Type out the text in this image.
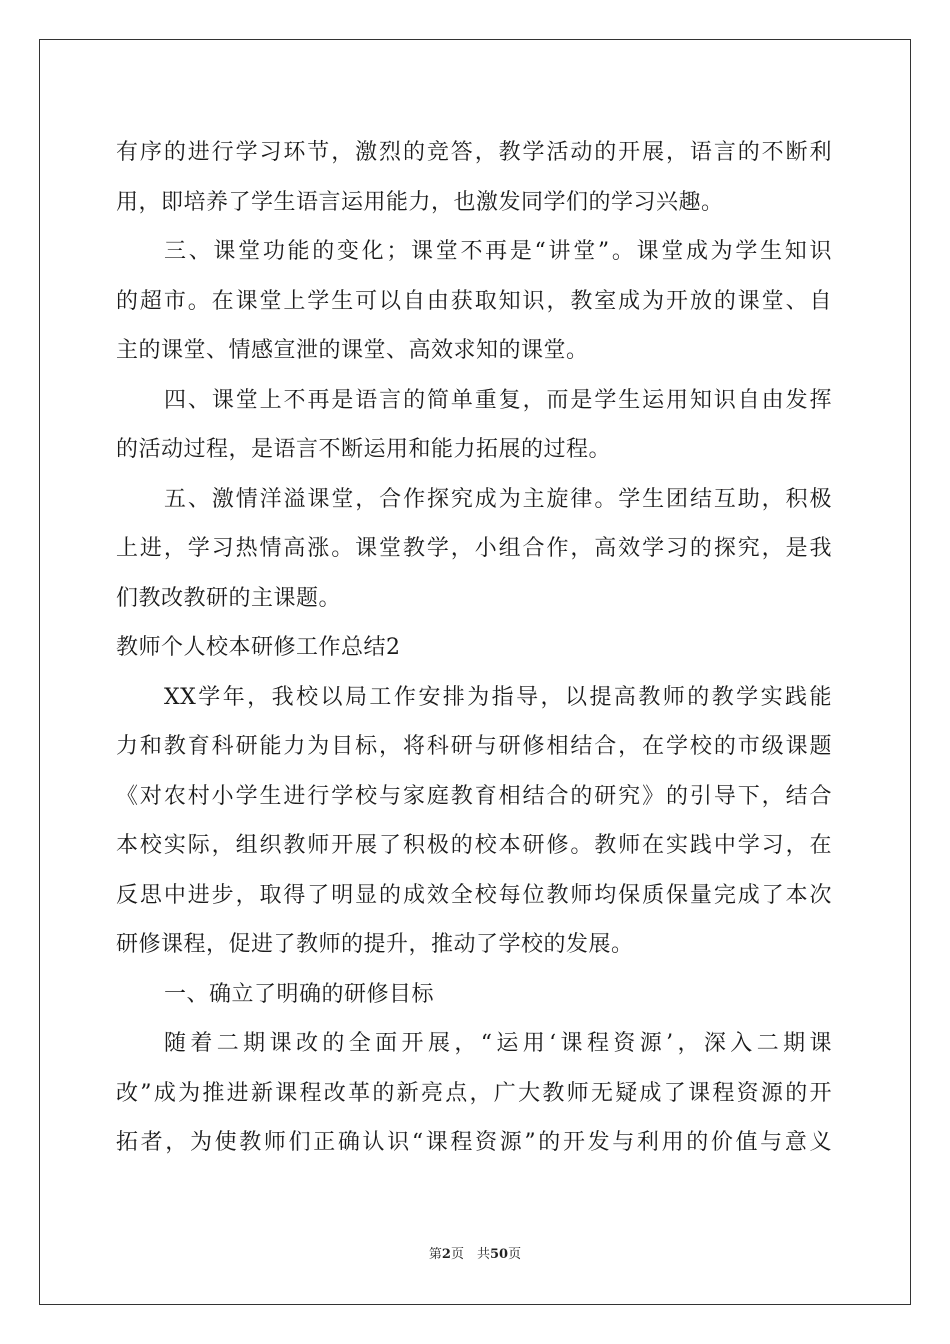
有序的进行学习环节，激烈的竞答，教学活动的开展，语言的不断利
用，即培养了学生语言运用能力，也激发同学们的学习兴趣。
三、课堂功能的变化；课堂不再是“讲堂”。课堂成为学生知识
的超市。在课堂上学生可以自由获取知识，教室成为开放的课堂、自
主的课堂、情感宣泄的课堂、高效求知的课堂。
四、课堂上不再是语言的简单重复，而是学生运用知识自由发挥
的活动过程，是语言不断运用和能力拓展的过程。
五、激情洋溢课堂，合作探究成为主旋律。学生团结互助，积极
上进，学习热情高涨。课堂教学，小组合作，高效学习的探究，是我
们教改教研的主课题。
教师个人校本研修工作总结2
XX学年，我校以局工作安排为指导，以提高教师的教学实践能
力和教育科研能力为目标，将科研与研修相结合，在学校的市级课题
《对农村小学生进行学校与家庭教育相结合的研究》的引导下，结合
本校实际，组织教师开展了积极的校本研修。教师在实践中学习，在
反思中进步，取得了明显的成效全校每位教师均保质保量完成了本次
研修课程，促进了教师的提升，推动了学校的发展。
一、确立了明确的研修目标
随着二期课改的全面开展，“运用‘课程资源’，深入二期课
改”成为推进新课程改革的新亮点，广大教师无疑成了课程资源的开
拓者，为使教师们正确认识“课程资源”的开发与利用的价值与意义
第2页　共50页
